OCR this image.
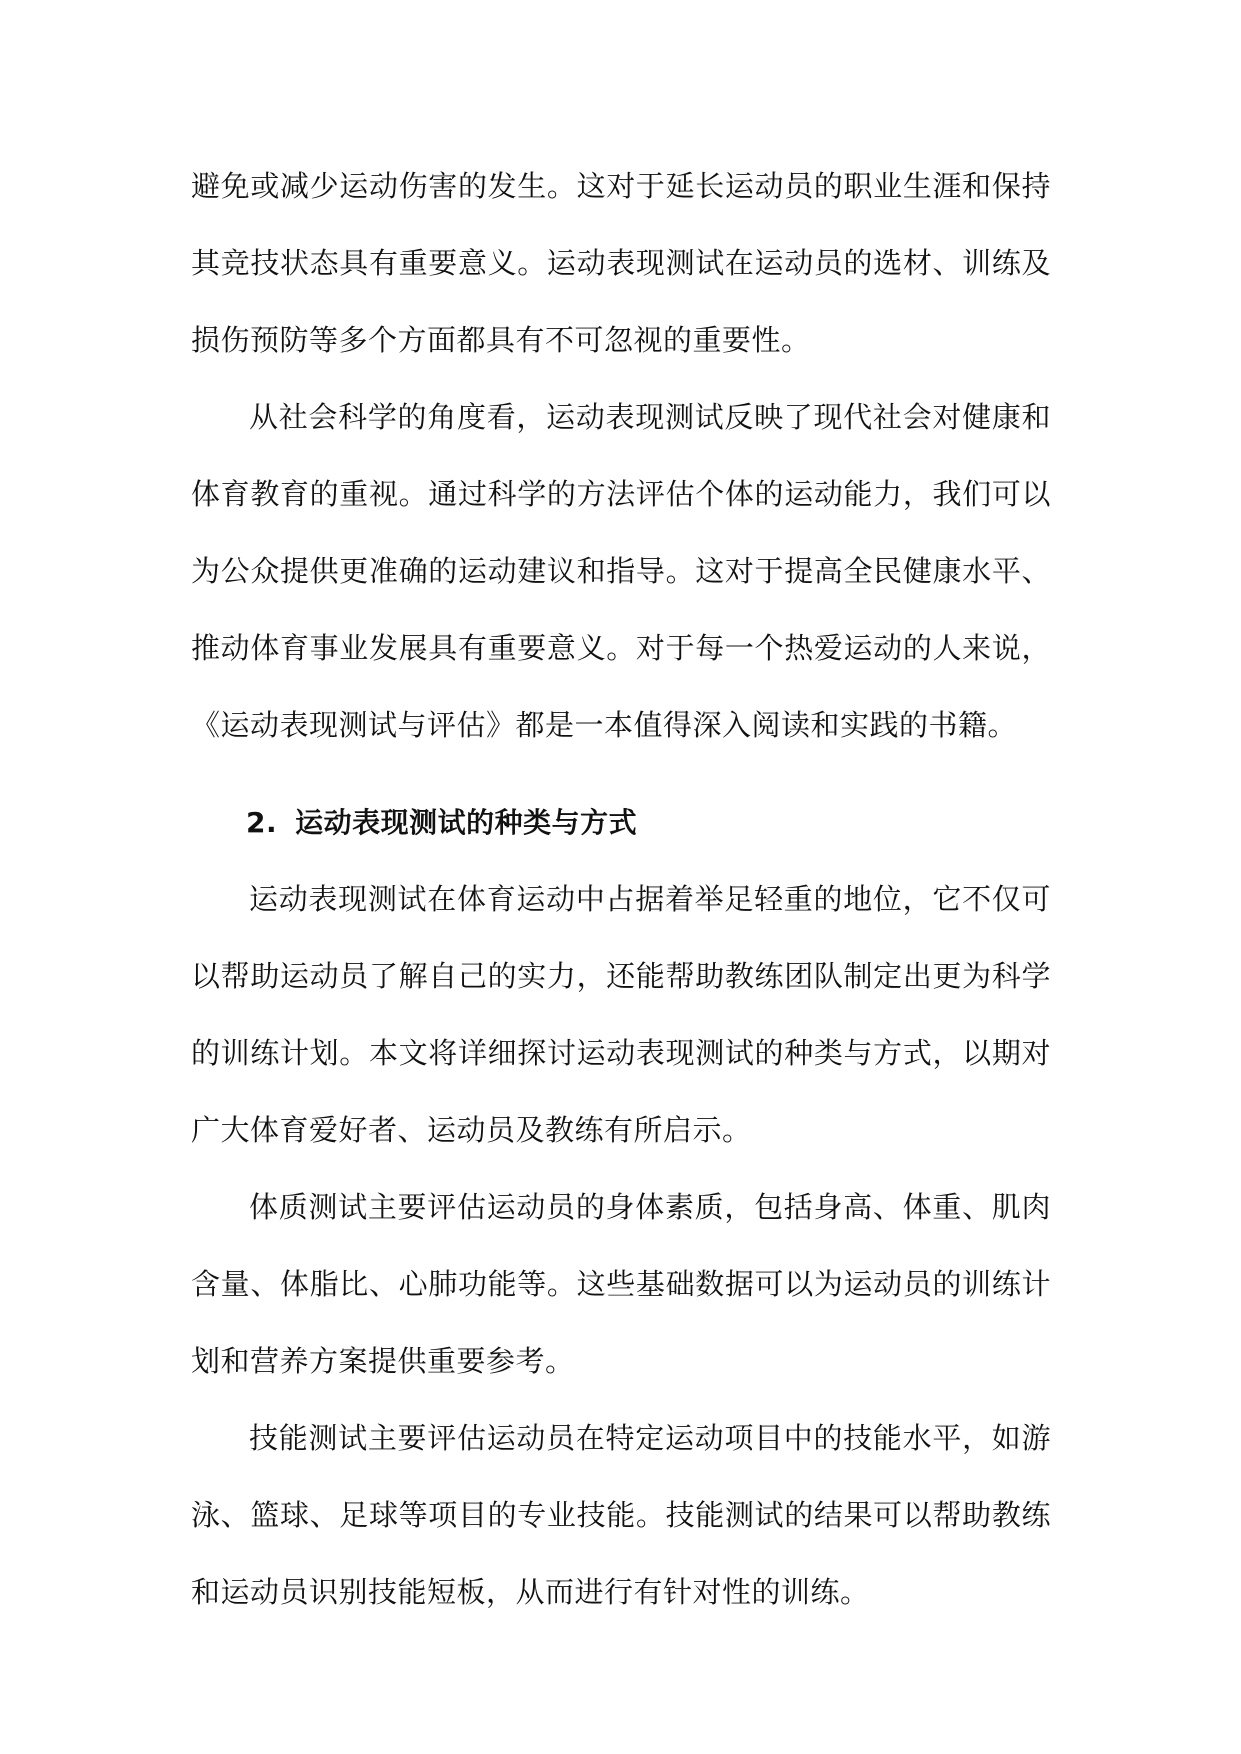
避免或减少运动伤害的发生。这对于延长运动员的职业生涯和保持其竞技状态具有重要意义。运动表现测试在运动员的选材、训练及损伤预防等多个方面都具有不可忽视的重要性。

从社会科学的角度看，运动表现测试反映了现代社会对健康和体育教育的重视。通过科学的方法评估个体的运动能力，我们可以为公众提供更准确的运动建议和指导。这对于提高全民健康水平、推动体育事业发展具有重要意义。对于每一个热爱运动的人来说，《运动表现测试与评估》都是一本值得深入阅读和实践的书籍。

2. 运动表现测试的种类与方式

运动表现测试在体育运动中占据着举足轻重的地位，它不仅可以帮助运动员了解自己的实力，还能帮助教练团队制定出更为科学的训练计划。本文将详细探讨运动表现测试的种类与方式，以期对广大体育爱好者、运动员及教练有所启示。

体质测试主要评估运动员的身体素质，包括身高、体重、肌肉含量、体脂比、心肺功能等。这些基础数据可以为运动员的训练计划和营养方案提供重要参考。

技能测试主要评估运动员在特定运动项目中的技能水平，如游泳、篮球、足球等项目的专业技能。技能测试的结果可以帮助教练和运动员识别技能短板，从而进行有针对性的训练。
